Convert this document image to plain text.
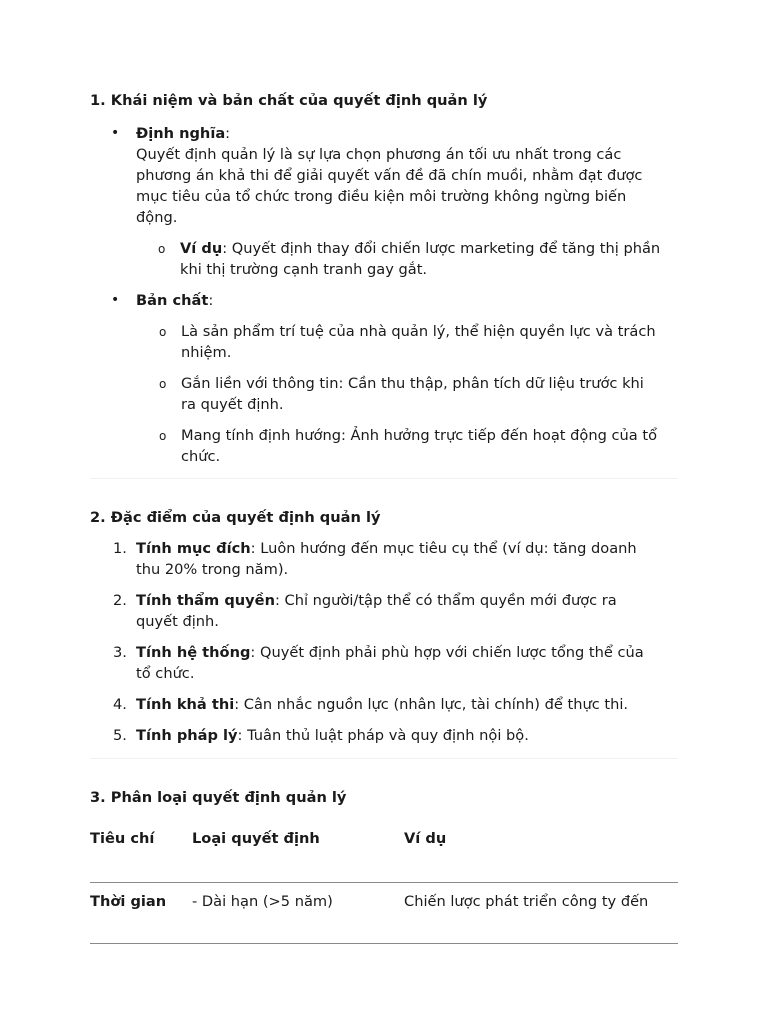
1. Khái niệm và bản chất của quyết định quản lý
• Định nghĩa:
Quyết định quản lý là sự lựa chọn phương án tối ưu nhất trong các
phương án khả thi để giải quyết vấn đề đã chín muồi, nhằm đạt được
mục tiêu của tổ chức trong điều kiện môi trường không ngừng biến
động.
o Ví dụ: Quyết định thay đổi chiến lược marketing để tăng thị phần
khi thị trường cạnh tranh gay gắt.
• Bản chất:
o Là sản phẩm trí tuệ của nhà quản lý, thể hiện quyền lực và trách
nhiệm.
o Gắn liền với thông tin: Cần thu thập, phân tích dữ liệu trước khi
ra quyết định.
o Mang tính định hướng: Ảnh hưởng trực tiếp đến hoạt động của tổ
chức.
2. Đặc điểm của quyết định quản lý
1. Tính mục đích: Luôn hướng đến mục tiêu cụ thể (ví dụ: tăng doanh
thu 20% trong năm).
2. Tính thẩm quyền: Chỉ người/tập thể có thẩm quyền mới được ra
quyết định.
3. Tính hệ thống: Quyết định phải phù hợp với chiến lược tổng thể của
tổ chức.
4. Tính khả thi: Cân nhắc nguồn lực (nhân lực, tài chính) để thực thi.
5. Tính pháp lý: Tuân thủ luật pháp và quy định nội bộ.
3. Phân loại quyết định quản lý
Tiêu chí	Loại quyết định	Ví dụ
Thời gian	- Dài hạn (>5 năm)	Chiến lược phát triển công ty đến
